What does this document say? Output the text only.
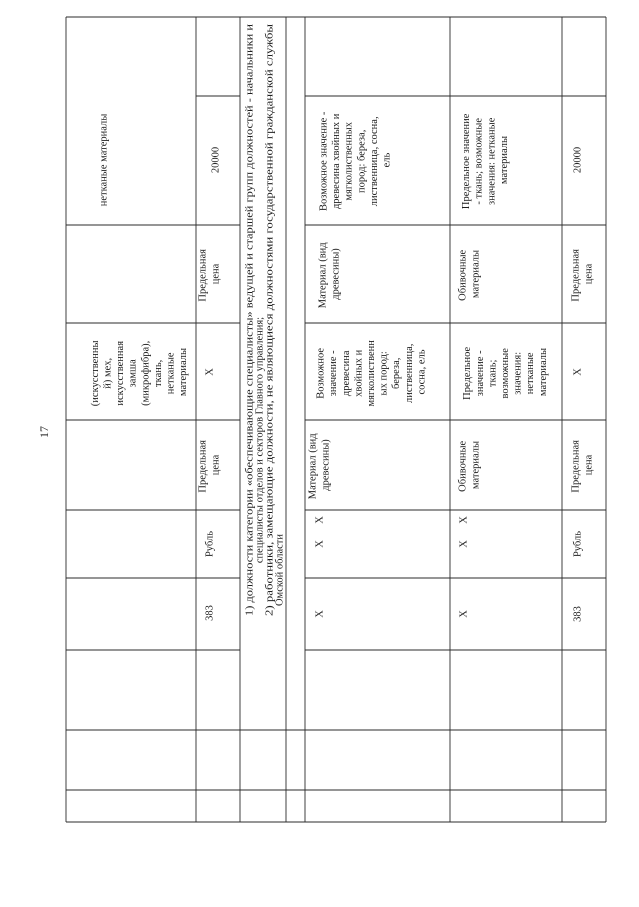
17	1) должности категории «обеспечивающие специалисты» ведущей и старшей групп должностей - начальники и специалисты отделов и секторов Главного управления; 2) работники, замещающие должности, не являющиеся должностями государственной гражданской службы Омской области
383
Рубль
Предельная цена
(искусственны й) мех, искусственная замша (микрофибра), ткань, нетканые материалы X
Предельная цена
нетканые материалы	20000
X
X
X
Материал (вид древесины)
Возможное значение - древесина хвойных и мягколиственн ых пород: береза, лиственница, сосна, ель
Материал (вид древесины)
Возможное значение - древесина хвойных и мягколиственных пород: береза, лиственница, сосна, ель
X
X
X
Обивочные материалы
Предельное значение - ткань; возможные значения: нетканые материалы
Обивочные материалы
Предельное значение - ткань; возможные значения: нетканые материалы
383
Рубль
Предельная цена
X
Предельная цена
20000
